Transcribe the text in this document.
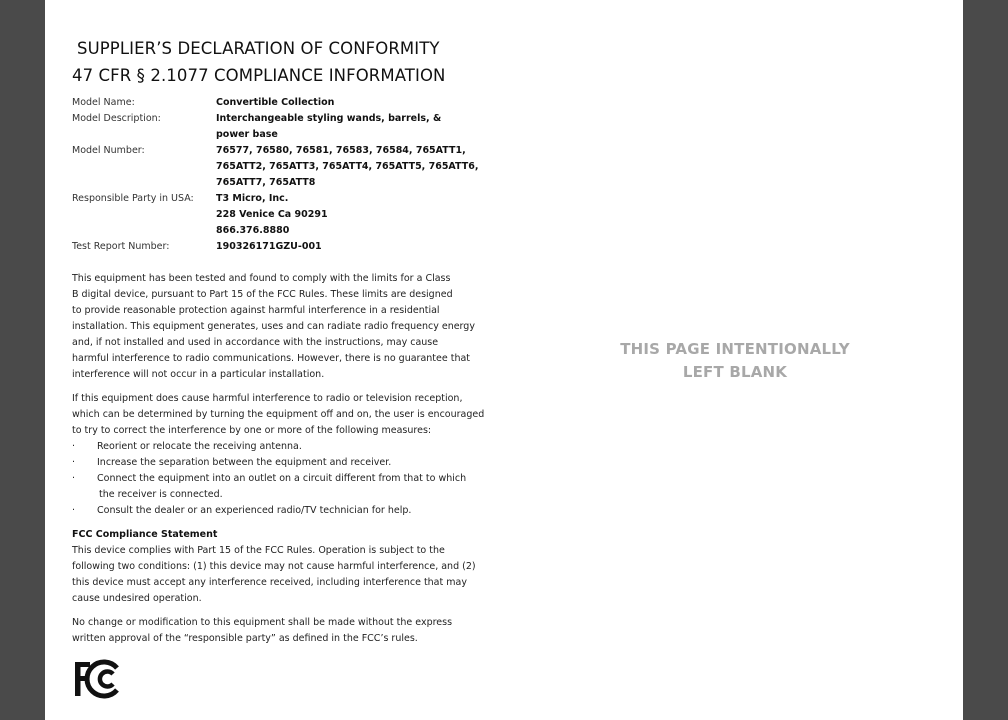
SUPPLIER’S DECLARATION OF CONFORMITY
47 CFR § 2.1077 COMPLIANCE INFORMATION
Model Name:	Convertible Collection
Model Description:	Interchangeable styling wands, barrels, &
power base
Model Number:	76577, 76580, 76581, 76583, 76584, 765ATT1,
765ATT2, 765ATT3, 765ATT4, 765ATT5, 765ATT6,
765ATT7, 765ATT8
Responsible Party in USA:	T3 Micro, Inc.
228 Venice Ca 90291
866.376.8880
Test Report Number:	190326171GZU-001
This equipment has been tested and found to comply with the limits for a Class
B digital device, pursuant to Part 15 of the FCC Rules. These limits are designed
to provide reasonable protection against harmful interference in a residential
installation. This equipment generates, uses and can radiate radio frequency energy
and, if not installed and used in accordance with the instructions, may cause
harmful interference to radio communications. However, there is no guarantee that
interference will not occur in a particular installation.
If this equipment does cause harmful interference to radio or television reception,
which can be determined by turning the equipment off and on, the user is encouraged
to try to correct the interference by one or more of the following measures:
· Reorient or relocate the receiving antenna.
· Increase the separation between the equipment and receiver.
· Connect the equipment into an outlet on a circuit different from that to which
the receiver is connected.
· Consult the dealer or an experienced radio/TV technician for help.
FCC Compliance Statement
This device complies with Part 15 of the FCC Rules. Operation is subject to the
following two conditions: (1) this device may not cause harmful interference, and (2)
this device must accept any interference received, including interference that may
cause undesired operation.
No change or modification to this equipment shall be made without the express
written approval of the “responsible party” as defined in the FCC’s rules.
THIS PAGE INTENTIONALLY
LEFT BLANK
